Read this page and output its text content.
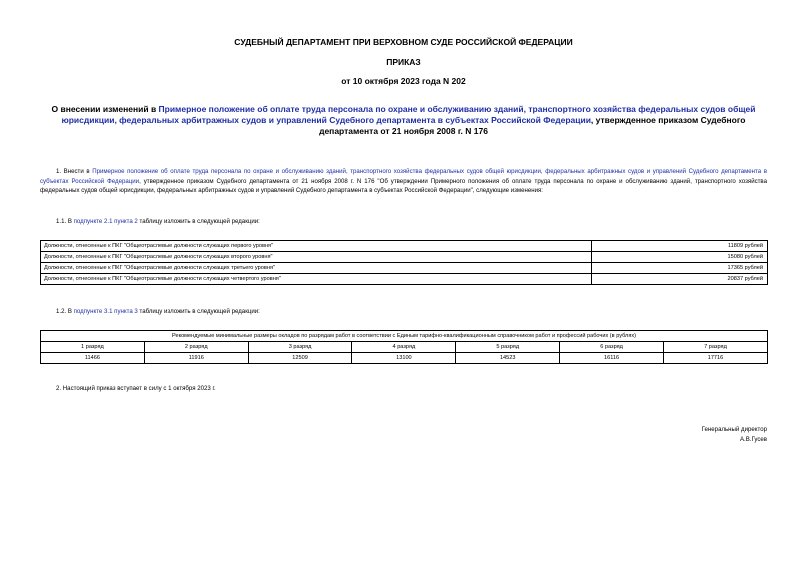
СУДЕБНЫЙ ДЕПАРТАМЕНТ ПРИ ВЕРХОВНОМ СУДЕ РОССИЙСКОЙ ФЕДЕРАЦИИ
ПРИКАЗ
от 10 октября 2023 года N 202
О внесении изменений в Примерное положение об оплате труда персонала по охране и обслуживанию зданий, транспортного хозяйства федеральных судов общей юрисдикции, федеральных арбитражных судов и управлений Судебного департамента в субъектах Российской Федерации, утвержденное приказом Судебного департамента от 21 ноября 2008 г. N 176
1. Внести в Примерное положение об оплате труда персонала по охране и обслуживанию зданий, транспортного хозяйства федеральных судов общей юрисдикции, федеральных арбитражных судов и управлений Судебного департамента в субъектах Российской Федерации, утвержденное приказом Судебного департамента от 21 ноября 2008 г. N 176 "Об утверждении Примерного положения об оплате труда персонала по охране и обслуживанию зданий, транспортного хозяйства федеральных судов общей юрисдикции, федеральных арбитражных судов и управлений Судебного департамента в субъектах Российской Федерации", следующие изменения:
1.1. В подпункте 2.1 пункта 2 таблицу изложить в следующей редакции:
Должности, отнесенные к ПКГ "Общеотраслевые должности служащих первого уровня"	11809 рублей
Должности, отнесенные к ПКГ "Общеотраслевые должности служащих второго уровня"	15080 рублей
Должности, отнесенные к ПКГ "Общеотраслевые должности служащих третьего уровня"	17365 рублей
Должности, отнесенные к ПКГ "Общеотраслевые должности служащих четвертого уровня"	20837 рублей
1.2. В подпункте 3.1 пункта 3 таблицу изложить в следующей редакции:
Рекомендуемые минимальные размеры окладов по разрядам работ в соответствии с Единым тарифно-квалификационным справочником работ и профессий рабочих (в рублях)						
1 разряд	2 разряд	3 разряд	4 разряд	5 разряд	6 разряд	7 разряд
11466	11916	12509	13100	14523	16116	17716
2. Настоящий приказ вступает в силу с 1 октября 2023 г.
Генеральный директор
А.В.Гусев
